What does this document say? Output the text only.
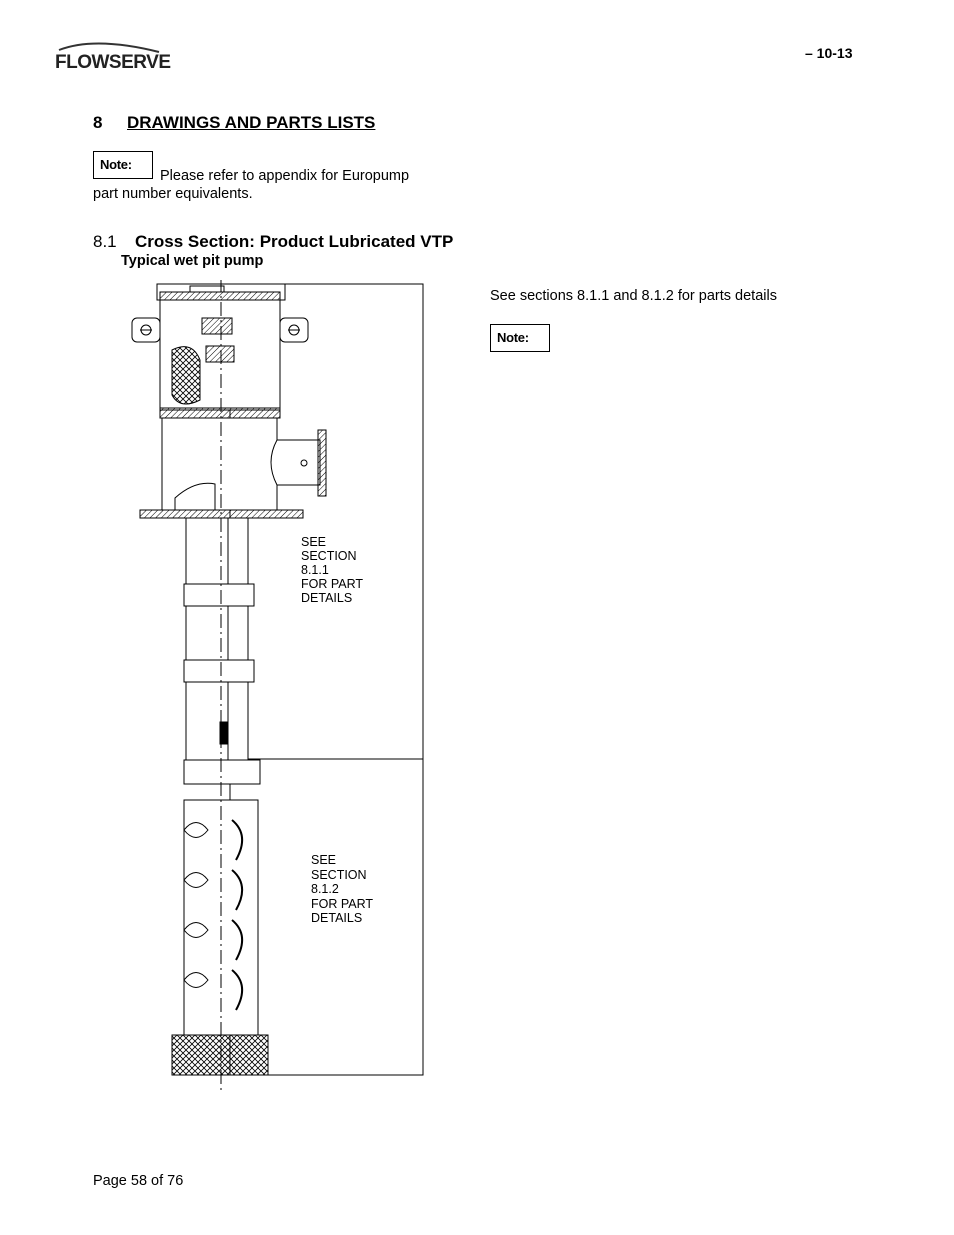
FLOWSERVE	– 10-13
8 DRAWINGS AND PARTS LISTS
Note:
Please refer to appendix for Europump
part number equivalents.
8.1 Cross Section: Product Lubricated VTP
Typical wet pit pump
See sections 8.1.1 and 8.1.2 for parts details
Note:
SEE
SECTION
8.1.1
FOR PART
DETAILS
SEE
SECTION
8.1.2
FOR PART
DETAILS
Page 58 of 76
